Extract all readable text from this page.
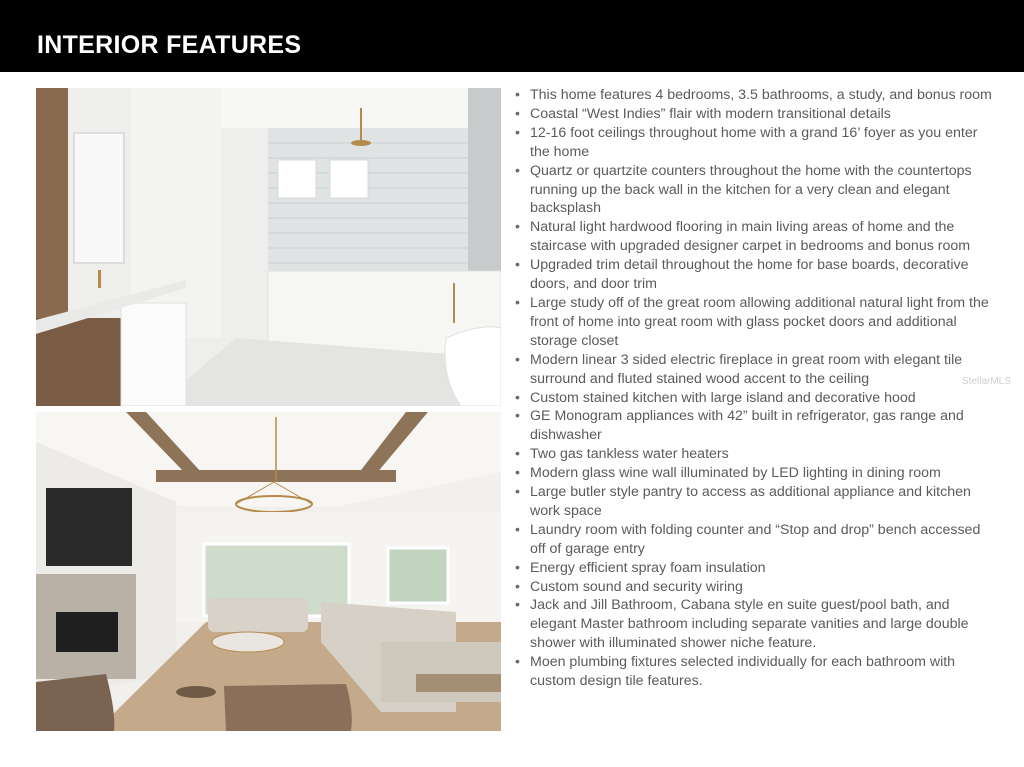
INTERIOR FEATURES
• This home features 4 bedrooms, 3.5 bathrooms, a study, and bonus room
• Coastal “West Indies” flair with modern transitional details
• 12-16 foot ceilings throughout home with a grand 16’ foyer as you enter the home
• Quartz or quartzite counters throughout the home with the countertops running up the back wall in the kitchen for a very clean and elegant backsplash
• Natural light hardwood flooring in main living areas of home and the staircase with upgraded designer carpet in bedrooms and bonus room
• Upgraded trim detail throughout the home for base boards, decorative doors, and door trim
• Large study off of the great room allowing additional natural light from the front of home into great room with glass pocket doors and additional storage closet
• Modern linear 3 sided electric fireplace in great room with elegant tile surround and fluted stained wood accent to the ceiling
• Custom stained kitchen with large island and decorative hood
• GE Monogram appliances with 42” built in refrigerator, gas range and dishwasher
• Two gas tankless water heaters
• Modern glass wine wall illuminated by LED lighting in dining room
• Large butler style pantry to access as additional appliance and kitchen work space
• Laundry room with folding counter and “Stop and drop” bench accessed off of garage entry
• Energy efficient spray foam insulation
• Custom sound and security wiring
• Jack and Jill Bathroom, Cabana style en suite guest/pool bath, and elegant Master bathroom including separate vanities and large double shower with illuminated shower niche feature.
• Moen plumbing fixtures selected individually for each bathroom with custom design tile features.
StellarMLS
